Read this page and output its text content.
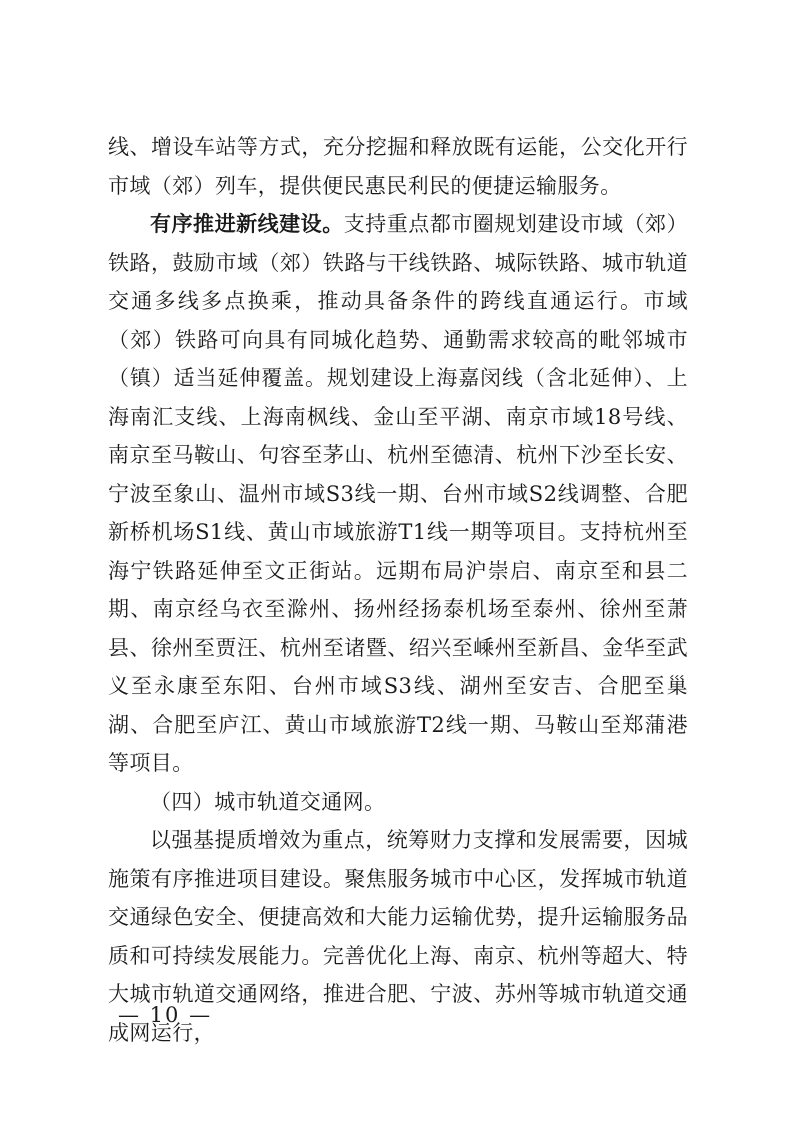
线、增设车站等方式，充分挖掘和释放既有运能，公交化开行市域（郊）列车，提供便民惠民利民的便捷运输服务。

有序推进新线建设。支持重点都市圈规划建设市域（郊）铁路，鼓励市域（郊）铁路与干线铁路、城际铁路、城市轨道交通多线多点换乘，推动具备条件的跨线直通运行。市域（郊）铁路可向具有同城化趋势、通勤需求较高的毗邻城市（镇）适当延伸覆盖。规划建设上海嘉闵线（含北延伸）、上海南汇支线、上海南枫线、金山至平湖、南京市域18号线、南京至马鞍山、句容至茅山、杭州至德清、杭州下沙至长安、宁波至象山、温州市域S3线一期、台州市域S2线调整、合肥新桥机场S1线、黄山市域旅游T1线一期等项目。支持杭州至海宁铁路延伸至文正街站。远期布局沪崇启、南京至和县二期、南京经乌衣至滁州、扬州经扬泰机场至泰州、徐州至萧县、徐州至贾汪、杭州至诸暨、绍兴至嵊州至新昌、金华至武义至永康至东阳、台州市域S3线、湖州至安吉、合肥至巢湖、合肥至庐江、黄山市域旅游T2线一期、马鞍山至郑蒲港等项目。

（四）城市轨道交通网。

以强基提质增效为重点，统筹财力支撑和发展需要，因城施策有序推进项目建设。聚焦服务城市中心区，发挥城市轨道交通绿色安全、便捷高效和大能力运输优势，提升运输服务品质和可持续发展能力。完善优化上海、南京、杭州等超大、特大城市轨道交通网络，推进合肥、宁波、苏州等城市轨道交通成网运行，

— 10 —
